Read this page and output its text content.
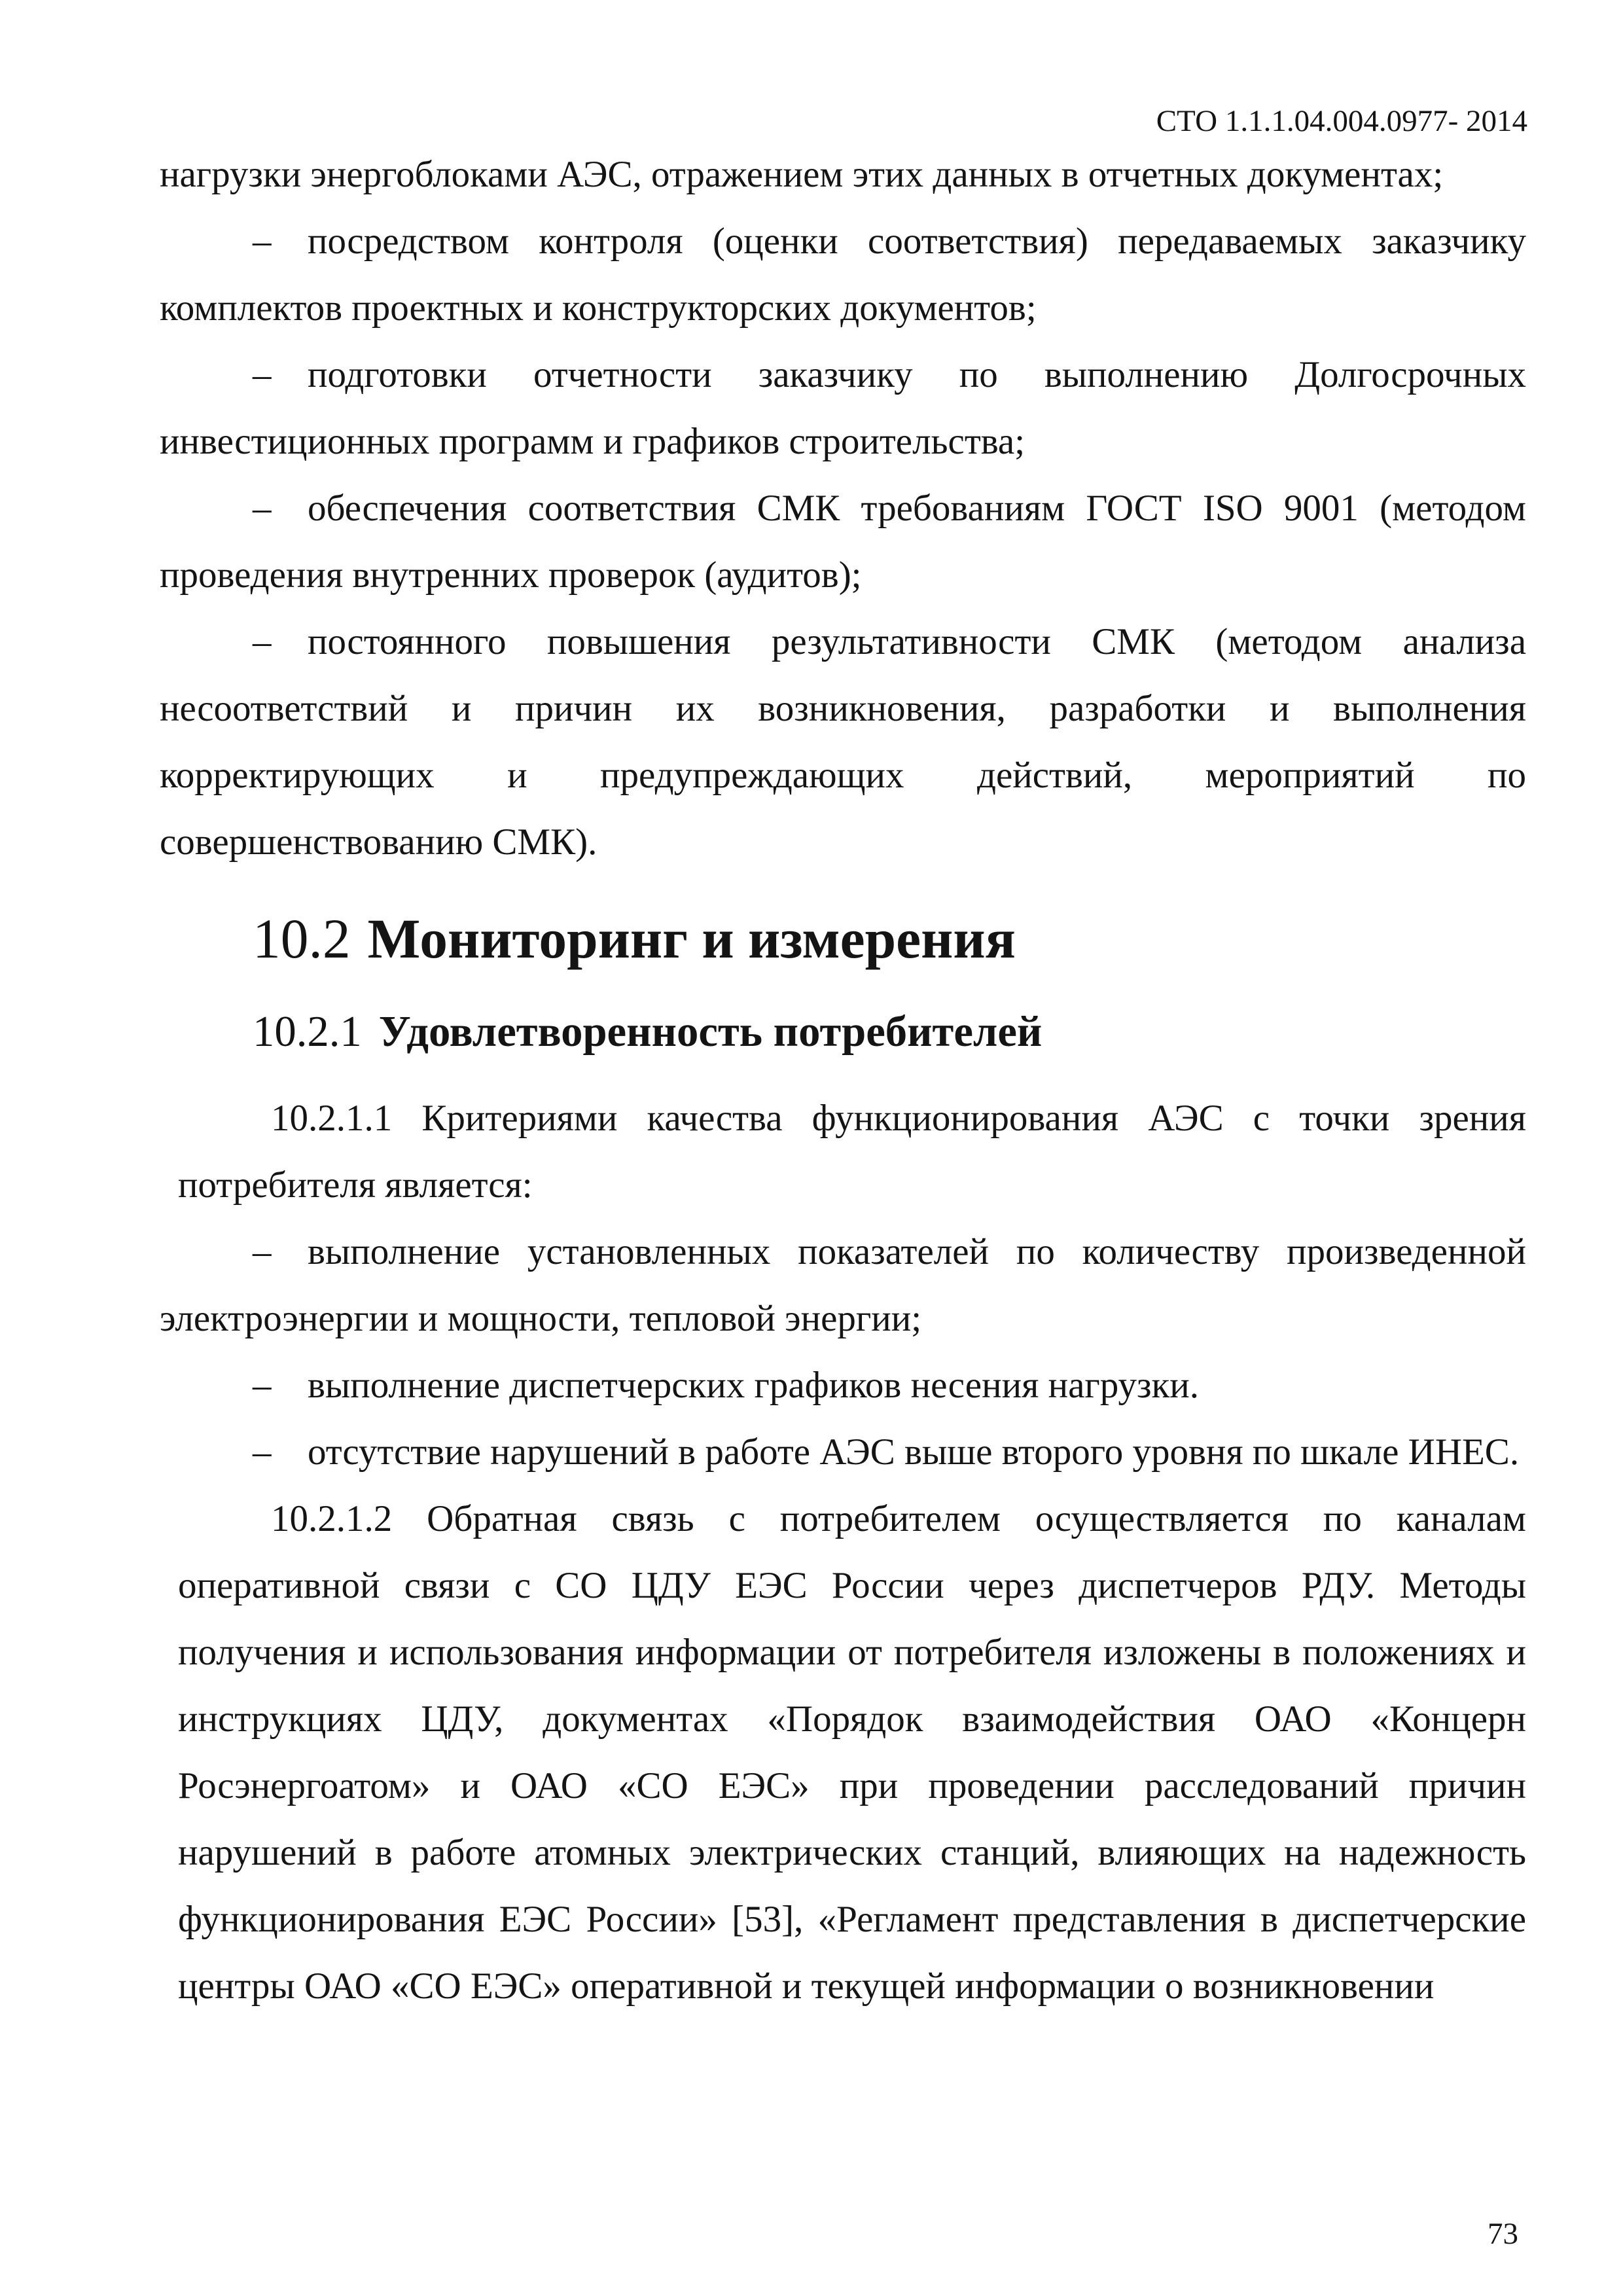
СТО 1.1.1.04.004.0977- 2014

нагрузки энергоблоками АЭС, отражением этих данных в отчетных документах;

– посредством контроля (оценки соответствия) передаваемых заказчику комплектов проектных и конструкторских документов;

– подготовки отчетности заказчику по выполнению Долгосрочных инвестиционных программ и графиков строительства;

– обеспечения соответствия СМК требованиям ГОСТ ISO 9001 (методом проведения внутренних проверок (аудитов);

– постоянного повышения результативности СМК (методом анализа несоответствий и причин их возникновения, разработки и выполнения корректирующих и предупреждающих действий, мероприятий по совершенствованию СМК).

10.2 Мониторинг и измерения
10.2.1 Удовлетворенность потребителей

10.2.1.1 Критериями качества функционирования АЭС с точки зрения потребителя является:

– выполнение установленных показателей по количеству произведенной электроэнергии и мощности, тепловой энергии;

– выполнение диспетчерских графиков несения нагрузки.

– отсутствие нарушений в работе АЭС выше второго уровня по шкале ИНЕС.

10.2.1.2 Обратная связь с потребителем осуществляется по каналам оперативной связи с СО ЦДУ ЕЭС России через диспетчеров РДУ. Методы получения и использования информации от потребителя изложены в положениях и инструкциях ЦДУ, документах «Порядок взаимодействия ОАО «Концерн Росэнергоатом» и ОАО «СО ЕЭС» при проведении расследований причин нарушений в работе атомных электрических станций, влияющих на надежность функционирования ЕЭС России» [53], «Регламент представления в диспетчерские центры ОАО «СО ЕЭС» оперативной и текущей информации о возникновении

73
